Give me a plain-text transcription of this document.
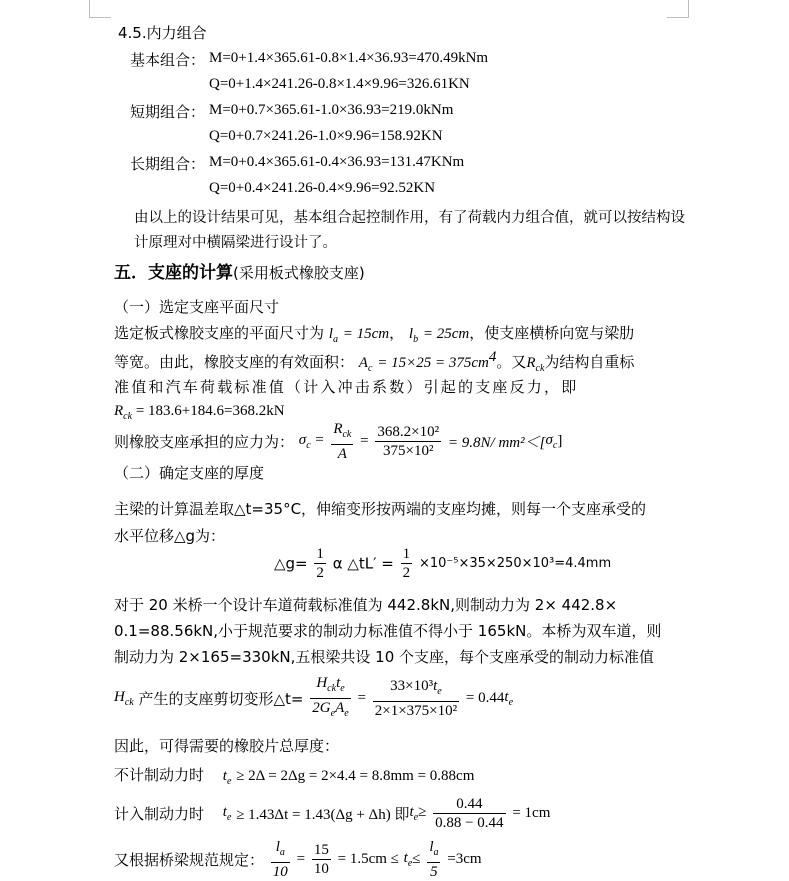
4.5.内力组合
基本组合： M=0+1.4×365.61-0.8×1.4×36.93=470.49kNm
Q=0+1.4×241.26-0.8×1.4×9.96=326.61KN
短期组合： M=0+0.7×365.61-1.0×36.93=219.0kNm
Q=0+0.7×241.26-1.0×9.96=158.92KN
长期组合： M=0+0.4×365.61-0.4×36.93=131.47KNm
Q=0+0.4×241.26-0.4×9.96=92.52KN
由以上的设计结果可见，基本组合起控制作用，有了荷载内力组合值，就可以按结构设
计原理对中横隔梁进行设计了。
五．支座的计算(采用板式橡胶支座)
（一）选定支座平面尺寸
选定板式橡胶支座的平面尺寸为 $l_a = 15cm$， $l_b = 25cm$，使支座横桥向宽与梁肋
等宽。由此，橡胶支座的有效面积： $A_c = 15\times 25 = 375cm^4$。又$R_{ck}$为结构自重标
准值和汽车荷载标准值（计入冲击系数）引起的支座反力，即
$R_{ck} = 183.6+184.6=368.2kN$
则橡胶支座承担的应力为： $\sigma_c = \frac{R_{ck}}{A} = \frac{\text{368.2×10²}}{\text{375×10²}} = 9.8N/$ $mm^2<[\sigma_c]$
（二）确定支座的厚度
主梁的计算温差取△t=35°C，伸缩变形按两端的支座均摊，则每一个支座承受的
水平位移△g为：
△g= $\frac{1}{2}$ α △tL′ = $\frac{1}{2} \times 10^{-5}\times 35\times 250\times 10^3=4.4mm$
对于 20 米桥一个设计车道荷载标准值为 442.8kN,则制动力为 2× 442.8×
0.1=88.56kN,小于规范要求的制动力标准值不得小于 165kN。本桥为双车道，则
制动力为 2×165=330kN,五根梁共设 10 个支座，每个支座承受的制动力标准值
$H_{ck}$ 产生的支座剪切变形△t= $\frac{H_{ck}t_e}{2G_eA_e} = \frac{33\times 10^3t_e}{\text{2×1×375×10²}} = 0.44t_e$
因此，可得需要的橡胶片总厚度：
不计制动力时 $t_e \ge 2\Delta = 2\Delta g = 2\times 4.4 = 8.8mm = 0.88cm$
计入制动力时 $t_e \ge 1.43\Delta t = 1.43(\Delta g + \Delta h)$ 即$t_e\ge \frac{0.44}{0.88 - 0.44} = 1cm$
又根据桥梁规范规定： $\frac{l_a}{10} = \frac{15}{10} = 1.5cm \le t_e\le \frac{l_a}{5} =3cm$
